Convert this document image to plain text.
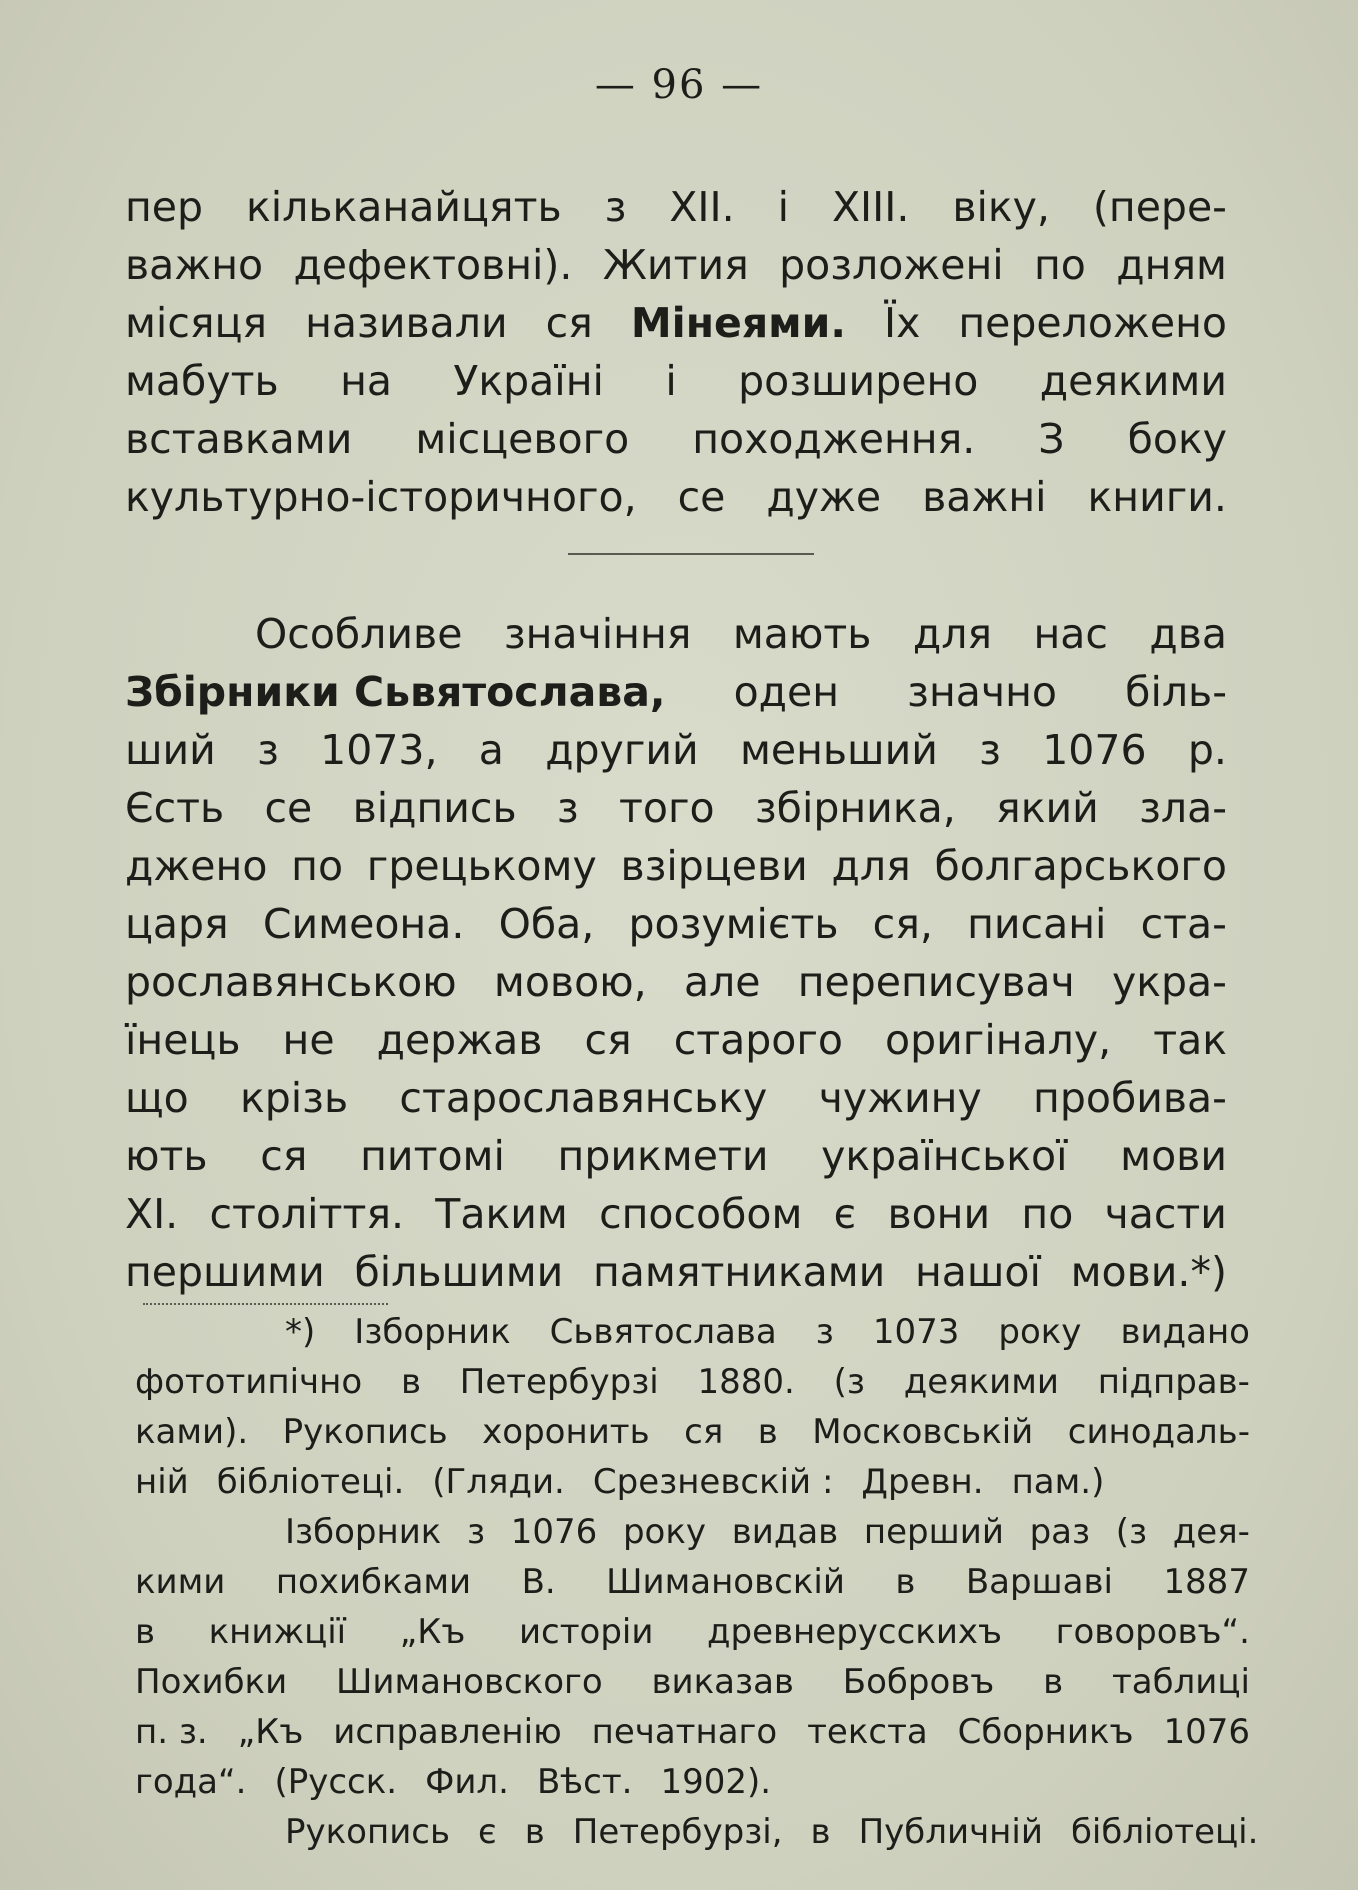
— 96 —
пер кільканайцять з XII. і XIII. віку, (пере-
важно дефектовні). Жития розложені по дням
місяця називали ся Мінеями. Їх переложено
мабуть на Україні і розширено деякими
вставками місцевого походження. З боку
культурно-історичного, се дуже важні книги.
Особливе значіння мають для нас два
Збірники Сьвятослава, оден значно біль-
ший з 1073, а другий меньший з 1076 р.
Єсть се відпись з того збірника, який зла-
джено по грецькому взірцеви для болгарського
царя Симеона. Оба, розумієть ся, писані ста-
рославянською мовою, але переписувач укра-
їнець не держав ся старого оригіналу, так
що крізь старославянську чужину пробива-
ють ся питомі прикмети української мови
XI. століття. Таким способом є вони по части
першими більшими памятниками нашої мови.*)
*) Ізборник Сьвятослава з 1073 року видано
фототипічно в Петербурзі 1880. (з деякими підправ-
ками). Рукопись хоронить ся в Московській синодаль-
ній бібліотеці. (Гляди. Срезневскій : Древн. пам.)
Ізборник з 1076 року видав перший раз (з дея-
кими похибками В. Шимановскій в Варшаві 1887
в книжції „Къ исторіи древнерусскихъ говоровъ“.
Похибки Шимановского виказав Бобровъ в таблиці
п. з. „Къ исправленію печатнаго текста Сборникъ 1076
года“. (Русск. Фил. Вѣст. 1902).
Рукопись є в Петербурзі, в Публичній бібліотеці.
